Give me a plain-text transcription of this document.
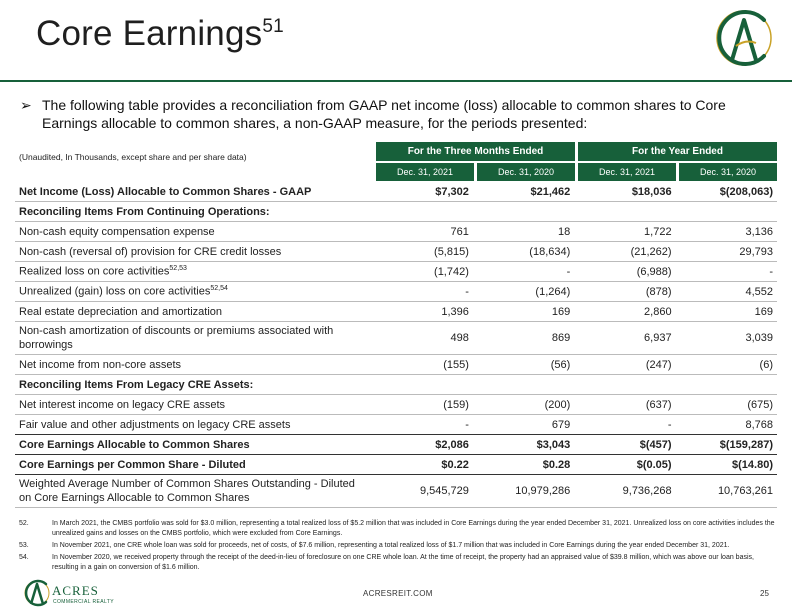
Core Earnings$^{51}$
➢ The following table provides a reconciliation from GAAP net income (loss) allocable to common shares to Core Earnings allocable to common shares, a non-GAAP measure, for the periods presented:
(Unaudited, In Thousands, except share and per share data)	For the Three Months Ended	For the Year Ended
Dec. 31, 2021	Dec. 31, 2020	Dec. 31, 2021	Dec. 31, 2020
Net Income (Loss) Allocable to Common Shares - GAAP	$7,302	$21,462	$18,036	$(208,063)
Reconciling Items From Continuing Operations:				
Non-cash equity compensation expense	761	18	1,722	3,136
Non-cash (reversal of) provision for CRE credit losses	(5,815)	(18,634)	(21,262)	29,793
Realized loss on core activities$^{52,53}$	(1,742)	-	(6,988)	-
Unrealized (gain) loss on core activities$^{52,54}$	-	(1,264)	(878)	4,552
Real estate depreciation and amortization	1,396	169	2,860	169
Non-cash amortization of discounts or premiums associated with borrowings	498	869	6,937	3,039
Net income from non-core assets	(155)	(56)	(247)	(6)
Reconciling Items From Legacy CRE Assets:				
Net interest income on legacy CRE assets	(159)	(200)	(637)	(675)
Fair value and other adjustments on legacy CRE assets	-	679	-	8,768
Core Earnings Allocable to Common Shares	$2,086	$3,043	$(457)	$(159,287)
Core Earnings per Common Share - Diluted	$0.22	$0.28	$(0.05)	$(14.80)
Weighted Average Number of Common Shares Outstanding - Diluted on Core Earnings Allocable to Common Shares	9,545,729	10,979,286	9,736,268	10,763,261
52.	In March 2021, the CMBS portfolio was sold for $3.0 million, representing a total realized loss of $5.2 million that was included in Core Earnings during the year ended December 31, 2021. Unrealized loss on core activities includes the unrealized gains and losses on the CMBS portfolio, which were excluded from Core Earnings.
53.	In November 2021, one CRE whole loan was sold for proceeds, net of costs, of $7.6 million, representing a total realized loss of $1.7 million that was included in Core Earnings during the year ended December 31, 2021.
54.	In November 2020, we received property through the receipt of the deed-in-lieu of foreclosure on one CRE whole loan. At the time of receipt, the property had an appraised value of $39.8 million, which was above our loan basis, resulting in a gain on conversion of $1.6 million.
ACRES
COMMERCIAL REALTY
ACRESREIT.COM	25
